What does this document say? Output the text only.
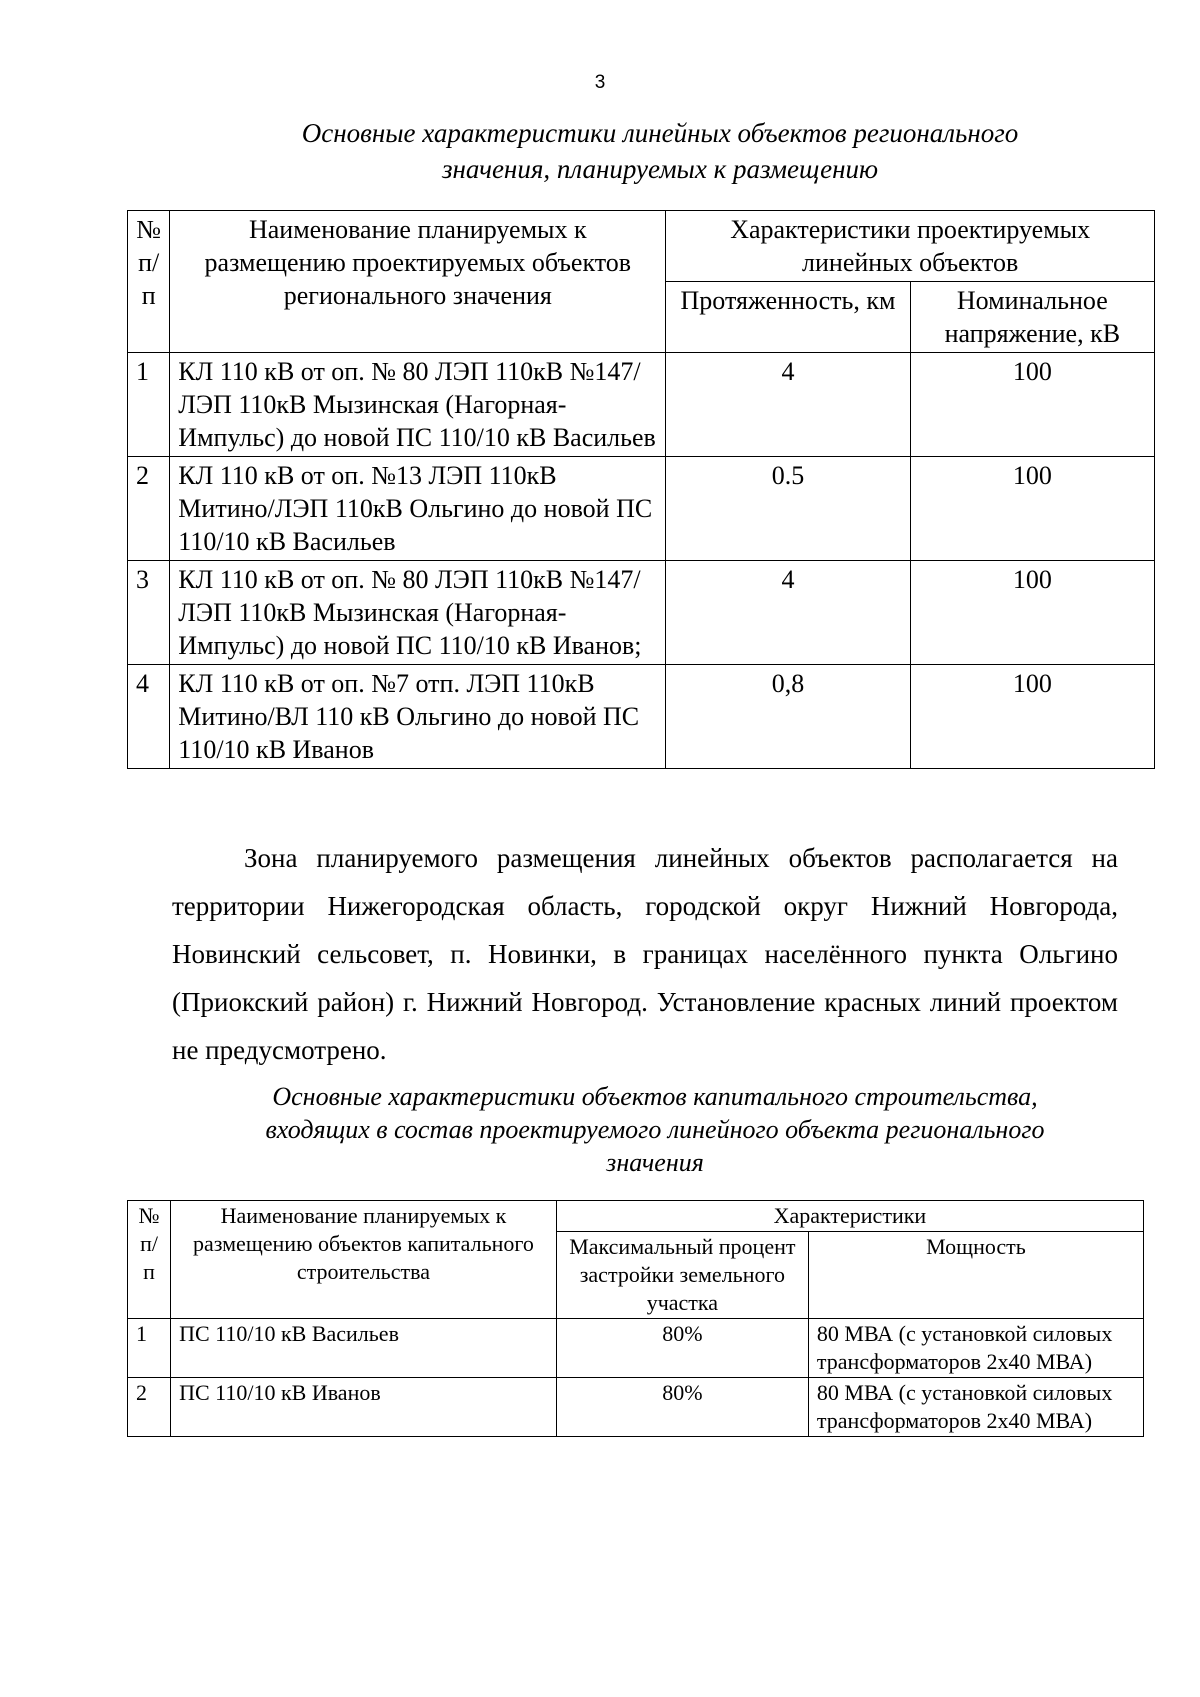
3
Основные характеристики линейных объектов регионального
значения, планируемых к размещению
№ п/п	Наименование планируемых к размещению проектируемых объектов регионального значения	Характеристики проектируемых линейных объектов	
		Протяженность, км	Номинальное напряжение, кВ
1	КЛ 110 кВ от оп. № 80 ЛЭП 110кВ №147/ЛЭП 110кВ Мызинская (Нагорная-Импульс) до новой ПС 110/10 кВ Васильев	4	100
2	КЛ 110 кВ от оп. №13 ЛЭП 110кВ Митино/ЛЭП 110кВ Ольгино до новой ПС 110/10 кВ Васильев	0.5	100
3	КЛ 110 кВ от оп. № 80 ЛЭП 110кВ №147/ЛЭП 110кВ Мызинская (Нагорная-Импульс) до новой ПС 110/10 кВ Иванов;	4	100
4	КЛ 110 кВ от оп. №7 отп. ЛЭП 110кВ Митино/ВЛ 110 кВ Ольгино до новой ПС 110/10 кВ Иванов	0,8	100
Зона планируемого размещения линейных объектов располагается на территории Нижегородская область, городской округ Нижний Новгорода, Новинский сельсовет, п. Новинки, в границах населённого пункта Ольгино (Приокский район) г. Нижний Новгород. Установление красных линий проектом не предусмотрено.
Основные характеристики объектов капитального строительства,
входящих в состав проектируемого линейного объекта регионального
значения
№ п/п	Наименование планируемых к размещению объектов капитального строительства	Характеристики	
		Максимальный процент застройки земельного участка	Мощность
1	ПС 110/10 кВ Васильев	80%	80 МВА (с установкой силовых трансформаторов 2х40 МВА)
2	ПС 110/10 кВ Иванов	80%	80 МВА (с установкой силовых трансформаторов 2х40 МВА)
